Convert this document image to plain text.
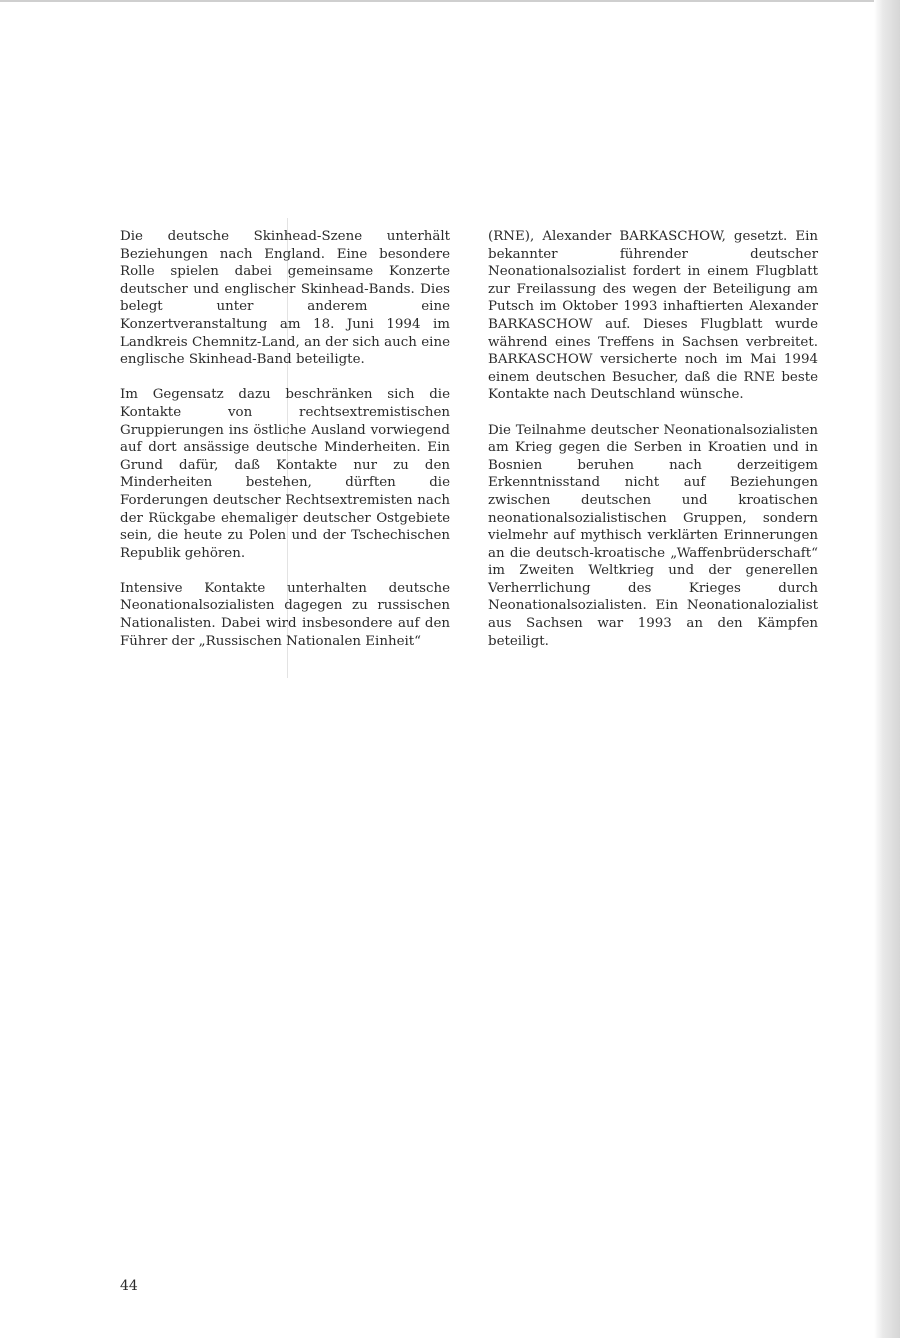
Die deutsche Skinhead-Szene unterhält Beziehungen nach England. Eine besondere Rolle spielen dabei gemeinsame Konzerte deutscher und englischer Skinhead-Bands. Dies belegt unter anderem eine Konzertveranstaltung am 18. Juni 1994 im Landkreis Chemnitz-Land, an der sich auch eine englische Skinhead-Band beteiligte.

Im Gegensatz dazu beschränken sich die Kontakte von rechtsextremistischen Gruppierungen ins östliche Ausland vorwiegend auf dort ansässige deutsche Minderheiten. Ein Grund dafür, daß Kontakte nur zu den Minderheiten bestehen, dürften die Forderungen deutscher Rechtsextremisten nach der Rückgabe ehemaliger deutscher Ostgebiete sein, die heute zu Polen und der Tschechischen Republik gehören.

Intensive Kontakte unterhalten deutsche Neonationalsozialisten dagegen zu russischen Nationalisten. Dabei wird insbesondere auf den Führer der „Russischen Nationalen Einheit“

(RNE), Alexander BARKASCHOW, gesetzt. Ein bekannter führender deutscher Neonationalsozialist fordert in einem Flugblatt zur Freilassung des wegen der Beteiligung am Putsch im Oktober 1993 inhaftierten Alexander BARKASCHOW auf. Dieses Flugblatt wurde während eines Treffens in Sachsen verbreitet. BARKASCHOW versicherte noch im Mai 1994 einem deutschen Besucher, daß die RNE beste Kontakte nach Deutschland wünsche.

Die Teilnahme deutscher Neonationalsozialisten am Krieg gegen die Serben in Kroatien und in Bosnien beruhen nach derzeitigem Erkenntnisstand nicht auf Beziehungen zwischen deutschen und kroatischen neonationalsozialistischen Gruppen, sondern vielmehr auf mythisch verklärten Erinnerungen an die deutsch-kroatische „Waffenbrüderschaft“ im Zweiten Weltkrieg und der generellen Verherrlichung des Krieges durch Neonationalsozialisten. Ein Neonationalozialist aus Sachsen war 1993 an den Kämpfen beteiligt.

44
